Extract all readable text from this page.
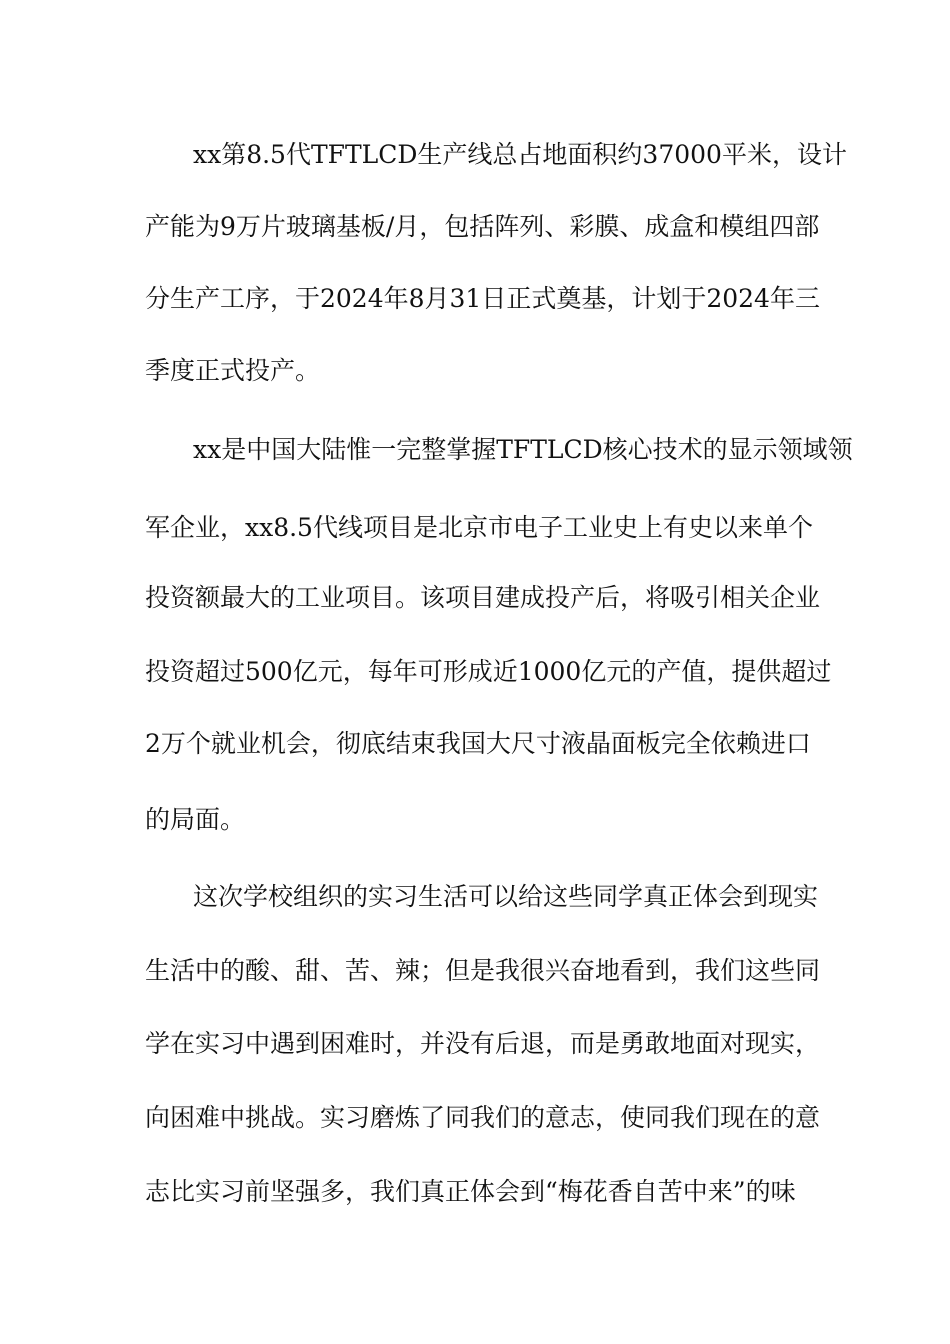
xx第8.5代TFTLCD生产线总占地面积约37000平米，设计
产能为9万片玻璃基板/月，包括阵列、彩膜、成盒和模组四部
分生产工序，于2024年8月31日正式奠基，计划于2024年三
季度正式投产。
xx是中国大陆惟一完整掌握TFTLCD核心技术的显示领域领
军企业，xx8.5代线项目是北京市电子工业史上有史以来单个
投资额最大的工业项目。该项目建成投产后，将吸引相关企业
投资超过500亿元，每年可形成近1000亿元的产值，提供超过
2万个就业机会，彻底结束我国大尺寸液晶面板完全依赖进口
的局面。
这次学校组织的实习生活可以给这些同学真正体会到现实
生活中的酸、甜、苦、辣；但是我很兴奋地看到，我们这些同
学在实习中遇到困难时，并没有后退，而是勇敢地面对现实，
向困难中挑战。实习磨炼了同我们的意志，使同我们现在的意
志比实习前坚强多，我们真正体会到“梅花香自苦中来”的味
